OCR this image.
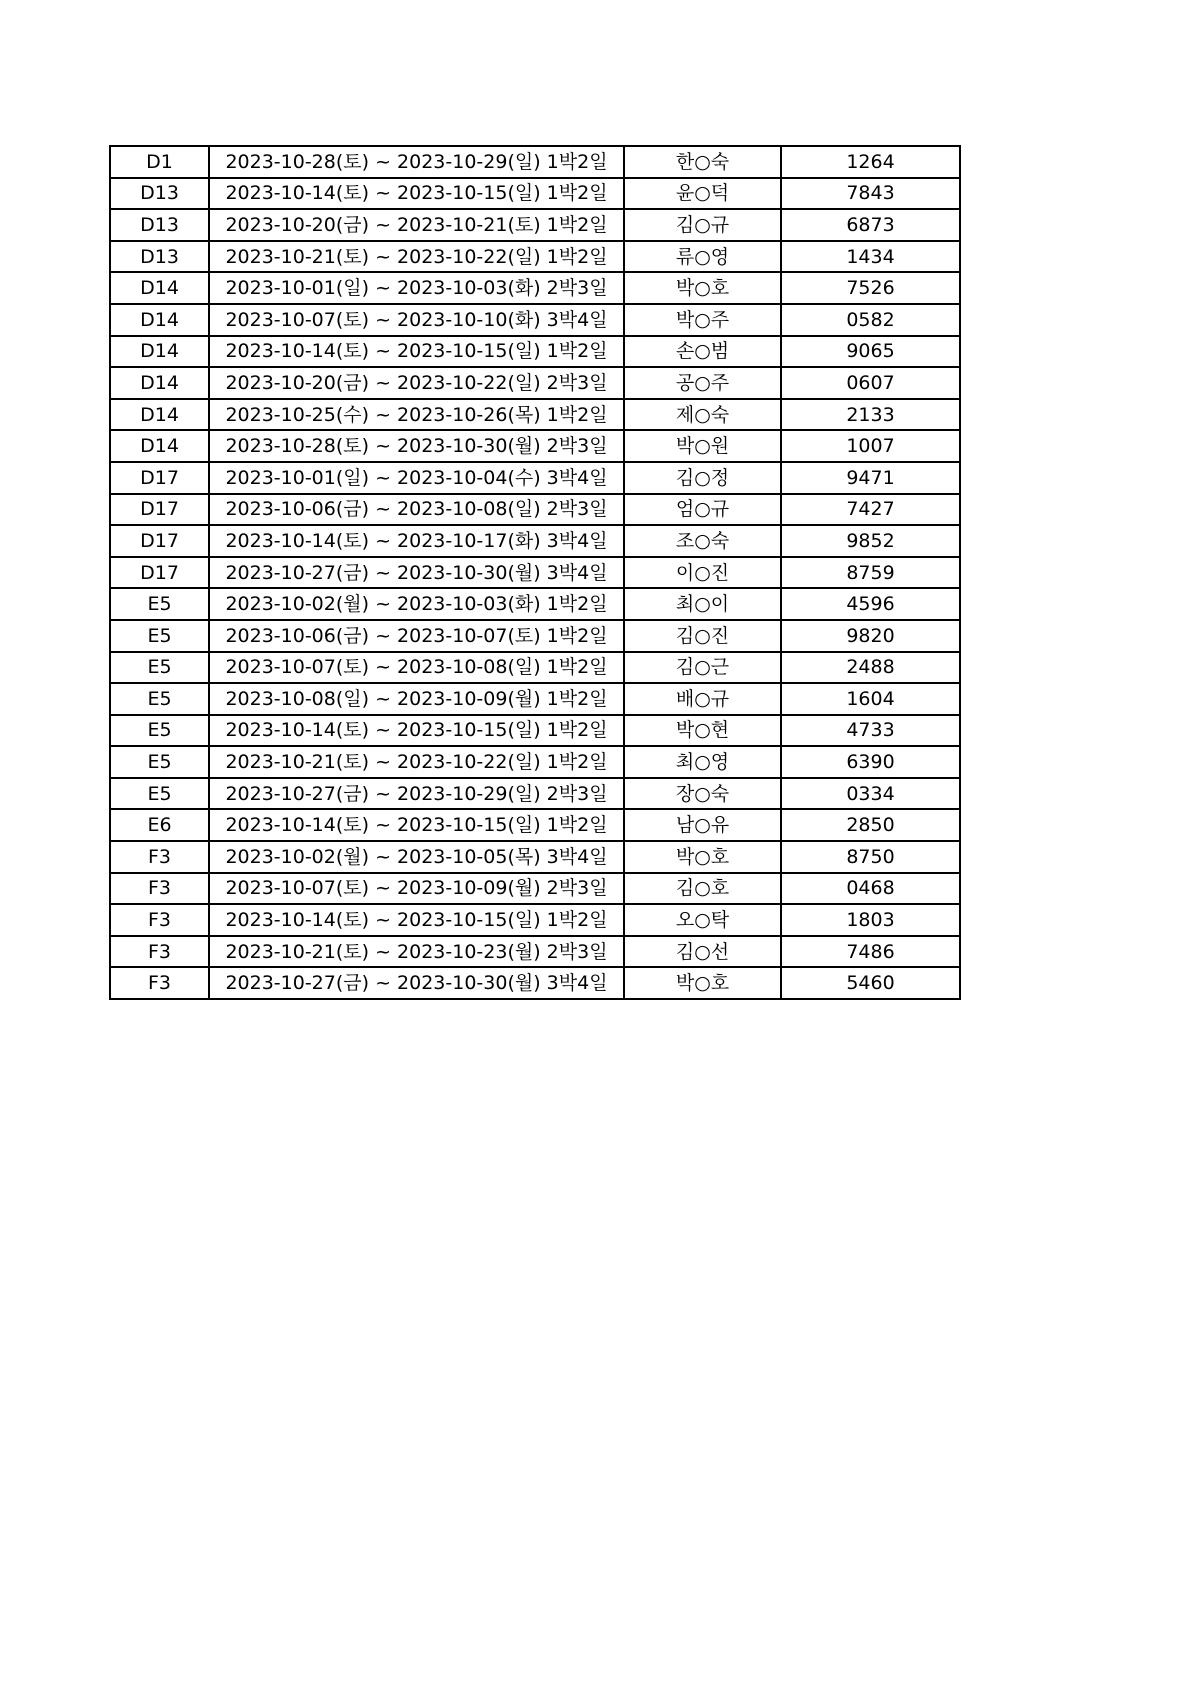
D1	2023-10-28(토) ~ 2023-10-29(일) 1박2일	한○숙	1264
D13	2023-10-14(토) ~ 2023-10-15(일) 1박2일	윤○덕	7843
D13	2023-10-20(금) ~ 2023-10-21(토) 1박2일	김○규	6873
D13	2023-10-21(토) ~ 2023-10-22(일) 1박2일	류○영	1434
D14	2023-10-01(일) ~ 2023-10-03(화) 2박3일	박○호	7526
D14	2023-10-07(토) ~ 2023-10-10(화) 3박4일	박○주	0582
D14	2023-10-14(토) ~ 2023-10-15(일) 1박2일	손○범	9065
D14	2023-10-20(금) ~ 2023-10-22(일) 2박3일	공○주	0607
D14	2023-10-25(수) ~ 2023-10-26(목) 1박2일	제○숙	2133
D14	2023-10-28(토) ~ 2023-10-30(월) 2박3일	박○원	1007
D17	2023-10-01(일) ~ 2023-10-04(수) 3박4일	김○정	9471
D17	2023-10-06(금) ~ 2023-10-08(일) 2박3일	엄○규	7427
D17	2023-10-14(토) ~ 2023-10-17(화) 3박4일	조○숙	9852
D17	2023-10-27(금) ~ 2023-10-30(월) 3박4일	이○진	8759
E5	2023-10-02(월) ~ 2023-10-03(화) 1박2일	최○이	4596
E5	2023-10-06(금) ~ 2023-10-07(토) 1박2일	김○진	9820
E5	2023-10-07(토) ~ 2023-10-08(일) 1박2일	김○근	2488
E5	2023-10-08(일) ~ 2023-10-09(월) 1박2일	배○규	1604
E5	2023-10-14(토) ~ 2023-10-15(일) 1박2일	박○현	4733
E5	2023-10-21(토) ~ 2023-10-22(일) 1박2일	최○영	6390
E5	2023-10-27(금) ~ 2023-10-29(일) 2박3일	장○숙	0334
E6	2023-10-14(토) ~ 2023-10-15(일) 1박2일	남○유	2850
F3	2023-10-02(월) ~ 2023-10-05(목) 3박4일	박○호	8750
F3	2023-10-07(토) ~ 2023-10-09(월) 2박3일	김○호	0468
F3	2023-10-14(토) ~ 2023-10-15(일) 1박2일	오○탁	1803
F3	2023-10-21(토) ~ 2023-10-23(월) 2박3일	김○선	7486
F3	2023-10-27(금) ~ 2023-10-30(월) 3박4일	박○호	5460
